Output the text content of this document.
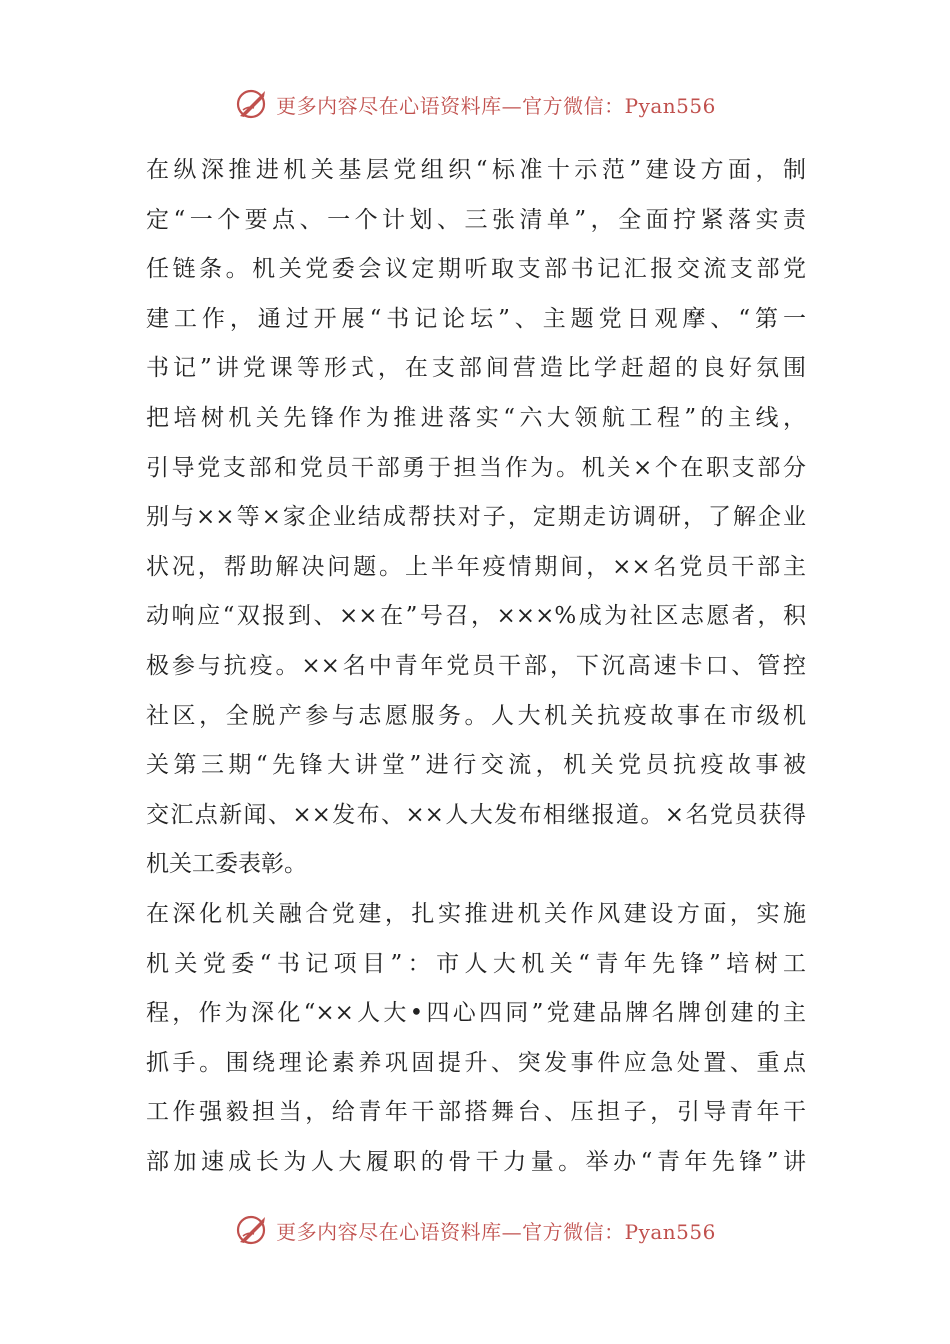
更多内容尽在心语资料库—官方微信：Pyan556
在纵深推进机关基层党组织“标准十示范”建设方面，制
定“一个要点、一个计划、三张清单”，全面拧紧落实责
任链条。机关党委会议定期听取支部书记汇报交流支部党
建工作，通过开展“书记论坛”、主题党日观摩、“第一
书记”讲党课等形式，在支部间营造比学赶超的良好氛围
把培树机关先锋作为推进落实“六大领航工程”的主线，
引导党支部和党员干部勇于担当作为。机关×个在职支部分
别与××等×家企业结成帮扶对子，定期走访调研，了解企业
状况，帮助解决问题。上半年疫情期间，××名党员干部主
动响应“双报到、××在”号召，×××%成为社区志愿者，积
极参与抗疫。××名中青年党员干部，下沉高速卡口、管控
社区，全脱产参与志愿服务。人大机关抗疫故事在市级机
关第三期“先锋大讲堂”进行交流，机关党员抗疫故事被
交汇点新闻、××发布、××人大发布相继报道。×名党员获得
机关工委表彰。
在深化机关融合党建，扎实推进机关作风建设方面，实施
机关党委“书记项目”：市人大机关“青年先锋”培树工
程，作为深化“××人大•四心四同”党建品牌名牌创建的主
抓手。围绕理论素养巩固提升、突发事件应急处置、重点
工作强毅担当，给青年干部搭舞台、压担子，引导青年干
部加速成长为人大履职的骨干力量。举办“青年先锋”讲
更多内容尽在心语资料库—官方微信：Pyan556
